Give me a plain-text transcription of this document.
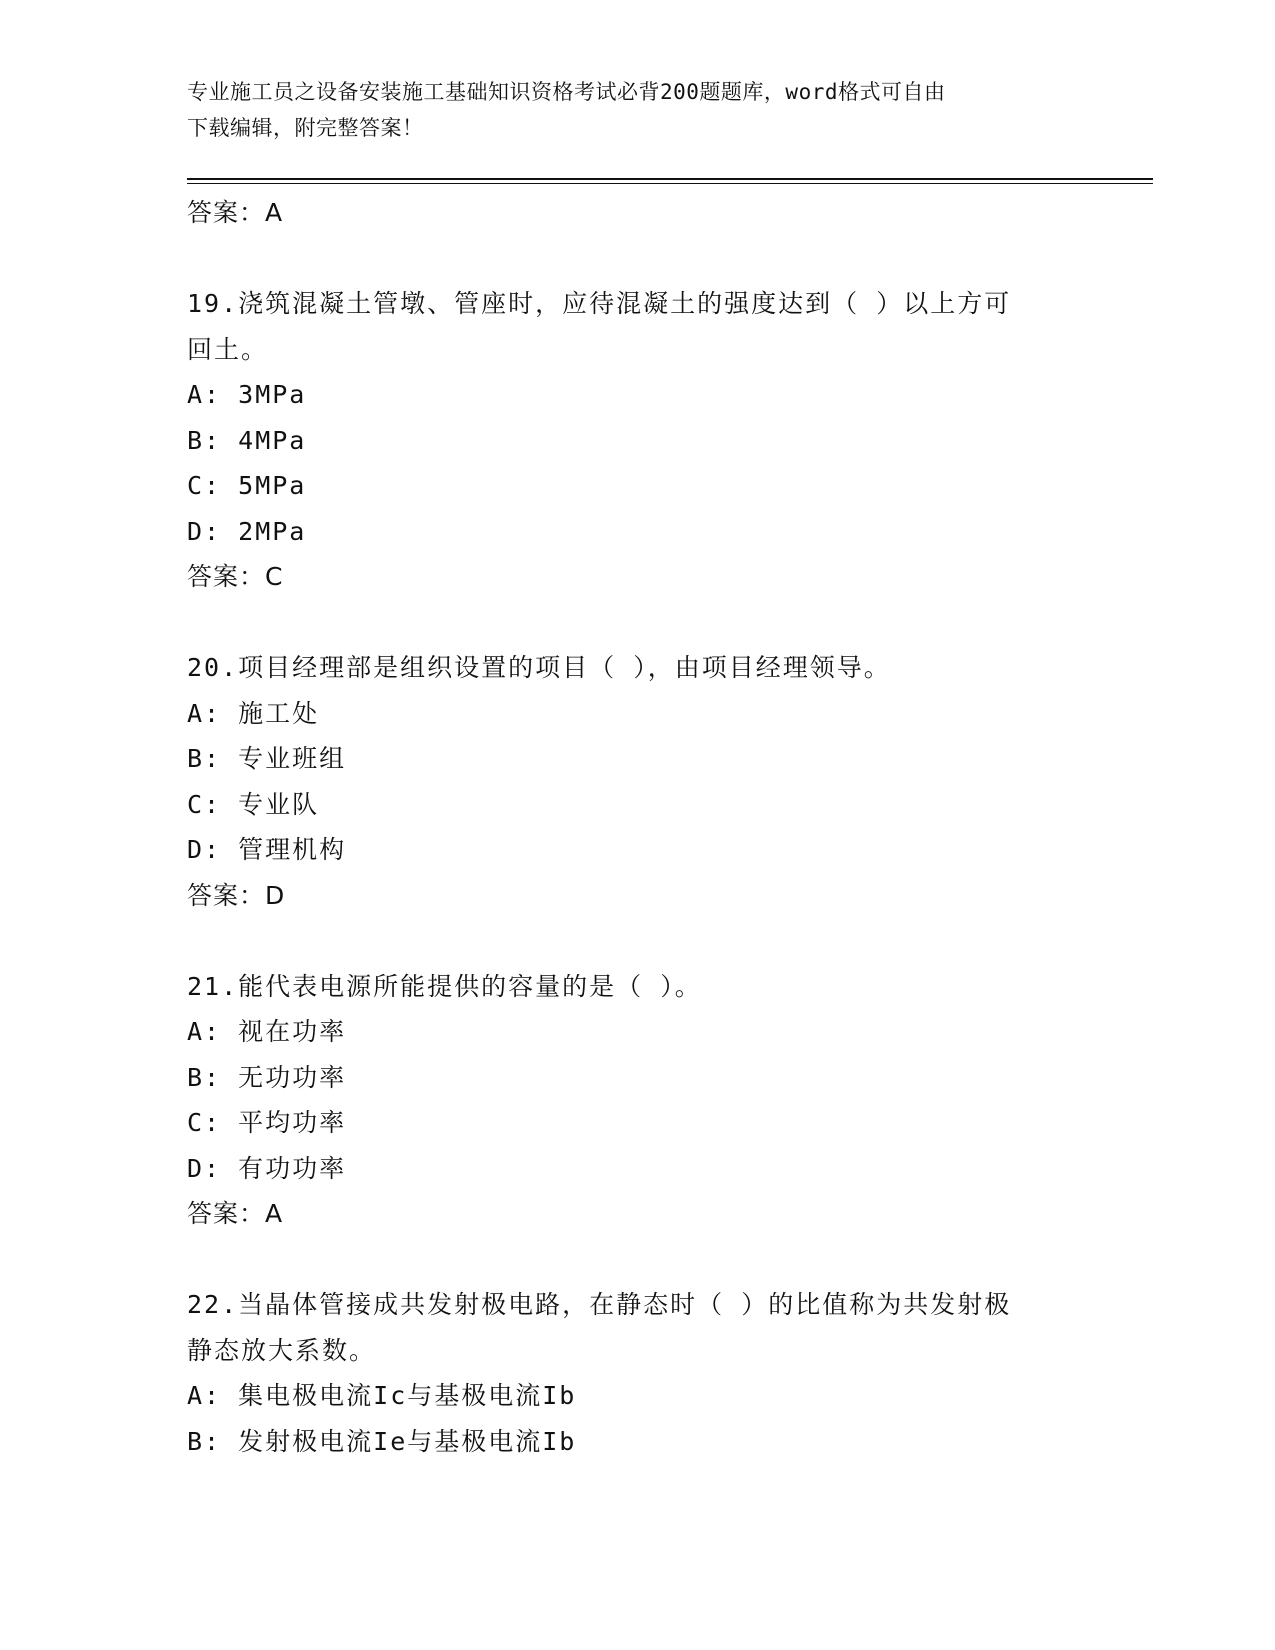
专业施工员之设备安装施工基础知识资格考试必背200题题库，word格式可自由
下载编辑，附完整答案！
答案：A
19.浇筑混凝土管墩、管座时，应待混凝土的强度达到（ ）以上方可
回土。
A: 3MPa
B: 4MPa
C: 5MPa
D: 2MPa
答案：C
20.项目经理部是组织设置的项目（ ），由项目经理领导。
A: 施工处
B: 专业班组
C: 专业队
D: 管理机构
答案：D
21.能代表电源所能提供的容量的是（ ）。
A: 视在功率
B: 无功功率
C: 平均功率
D: 有功功率
答案：A
22.当晶体管接成共发射极电路，在静态时（ ）的比值称为共发射极
静态放大系数。
A: 集电极电流Ic与基极电流Ib
B: 发射极电流Ie与基极电流Ib
